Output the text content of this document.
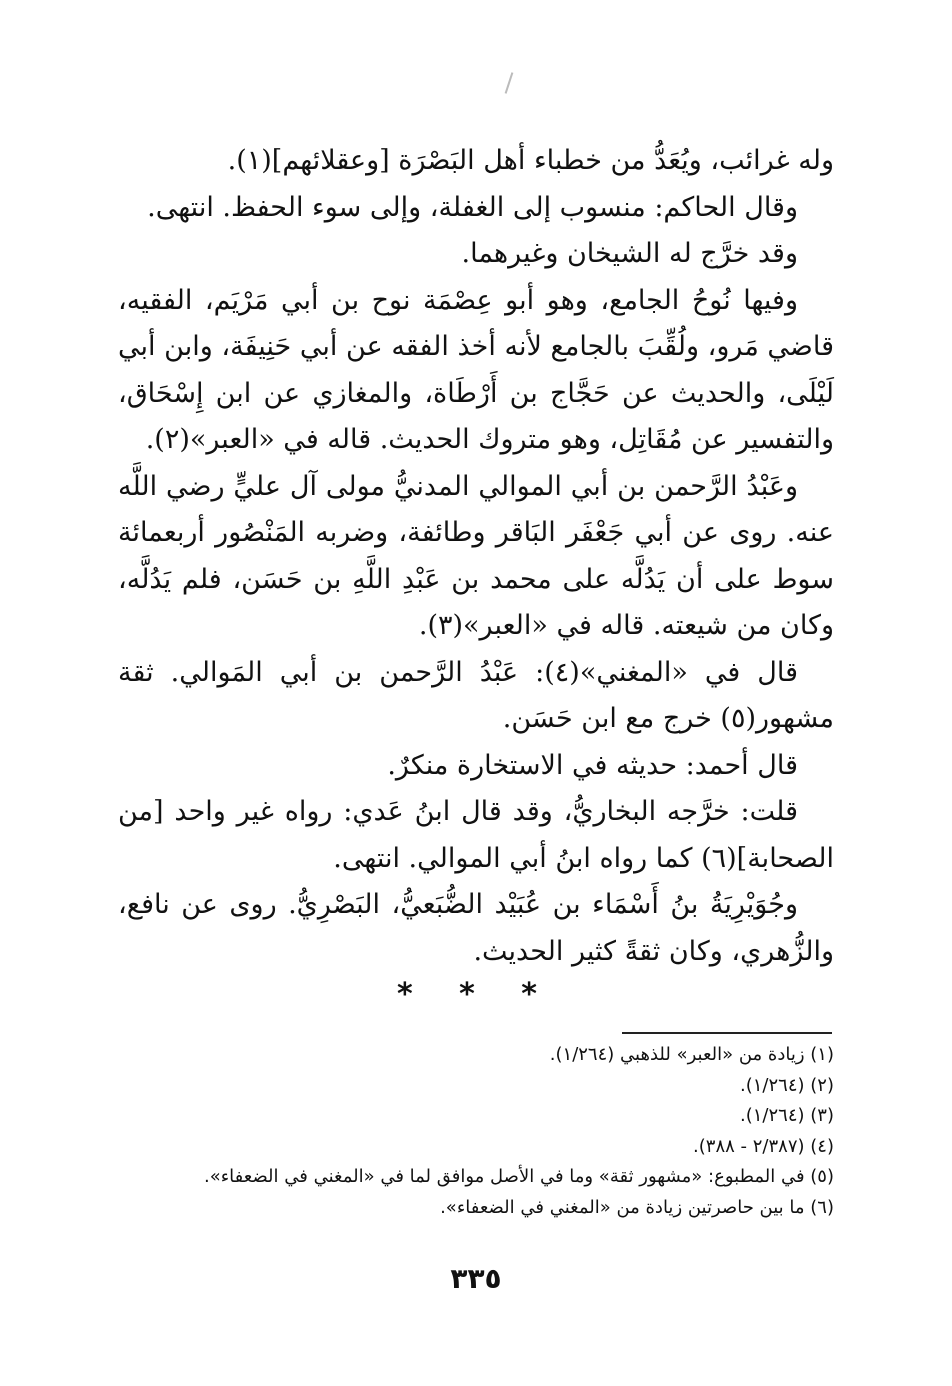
وله غرائب، ويُعَدُّ من خطباء أهل البَصْرَة [وعقلائهم](١).

وقال الحاكم: منسوب إلى الغفلة، وإلى سوء الحفظ. انتهى.

وقد خرَّج له الشيخان وغيرهما.

وفيها نُوحُ الجامع، وهو أبو عِصْمَة نوح بن أبي مَرْيَم، الفقيه، قاضي مَرو، ولُقِّبَ بالجامع لأنه أخذ الفقه عن أبي حَنِيفَة، وابن أبي لَيْلَى، والحديث عن حَجَّاج بن أَرْطَاة، والمغازي عن ابن إِسْحَاق، والتفسير عن مُقَاتِل، وهو متروك الحديث. قاله في «العبر»(٢).

وعَبْدُ الرَّحمن بن أبي الموالي المدنيُّ مولى آل عليٍّ رضي اللَّه عنه. روى عن أبي جَعْفَر البَاقر وطائفة، وضربه المَنْصُور أربعمائة سوط على أن يَدُلَّه على محمد بن عَبْدِ اللَّهِ بن حَسَن، فلم يَدُلَّه، وكان من شيعته. قاله في «العبر»(٣).

قال في «المغني»(٤): عَبْدُ الرَّحمن بن أبي المَوالي. ثقة مشهور(٥) خرج مع ابن حَسَن.

قال أحمد: حديثه في الاستخارة منكرٌ.

قلت: خرَّجه البخاريُّ، وقد قال ابنُ عَدي: رواه غير واحد [من الصحابة](٦) كما رواه ابنُ أبي الموالي. انتهى.

وجُوَيْرِيَةُ بنُ أَسْمَاء بن عُبَيْد الضُّبَعيُّ، البَصْرِيُّ. روى عن نافع، والزُّهري، وكان ثقةً كثير الحديث.

* * *

(١) زيادة من «العبر» للذهبي (١/٢٦٤).

(٢) (١/٢٦٤).

(٣) (١/٢٦٤).

(٤) (٢/٣٨٧ - ٣٨٨).

(٥) في المطبوع: «مشهور ثقة» وما في الأصل موافق لما في «المغني في الضعفاء».

(٦) ما بين حاصرتين زيادة من «المغني في الضعفاء».

٣٣٥
